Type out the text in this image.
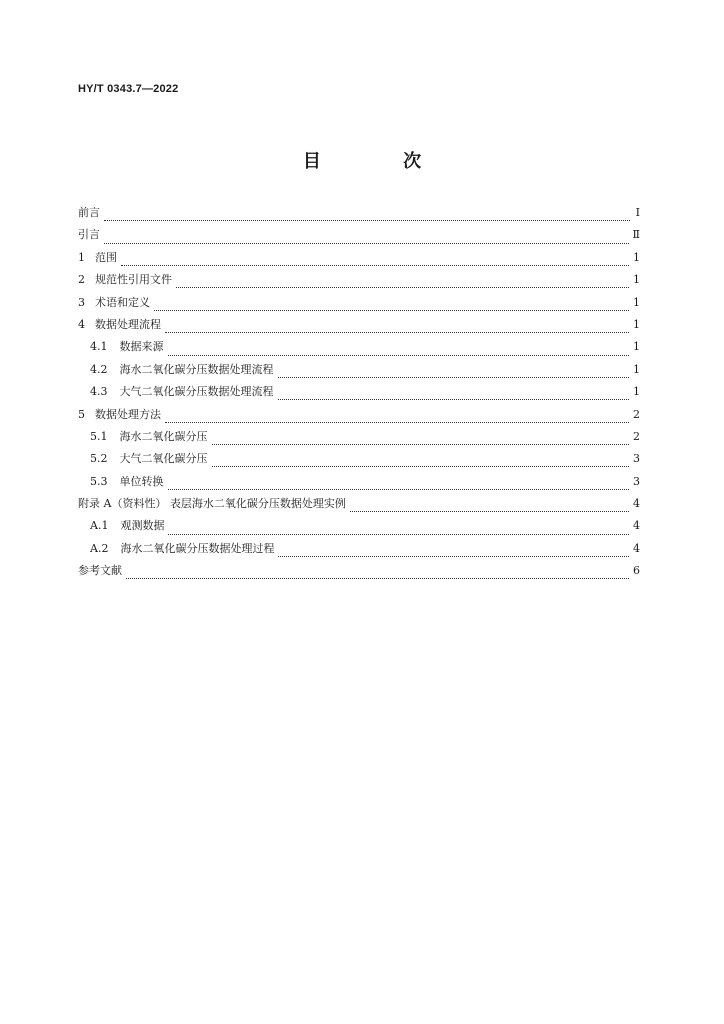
HY/T 0343.7—2022
目 次
前言	Ⅰ
引言	Ⅱ
1 范围	1
2 规范性引用文件	1
3 术语和定义	1
4 数据处理流程	1
4.1 数据来源	1
4.2 海水二氧化碳分压数据处理流程	1
4.3 大气二氧化碳分压数据处理流程	1
5 数据处理方法	2
5.1 海水二氧化碳分压	2
5.2 大气二氧化碳分压	3
5.3 单位转换	3
附录 A（资料性） 表层海水二氧化碳分压数据处理实例	4
A.1 观测数据	4
A.2 海水二氧化碳分压数据处理过程	4
参考文献	6
